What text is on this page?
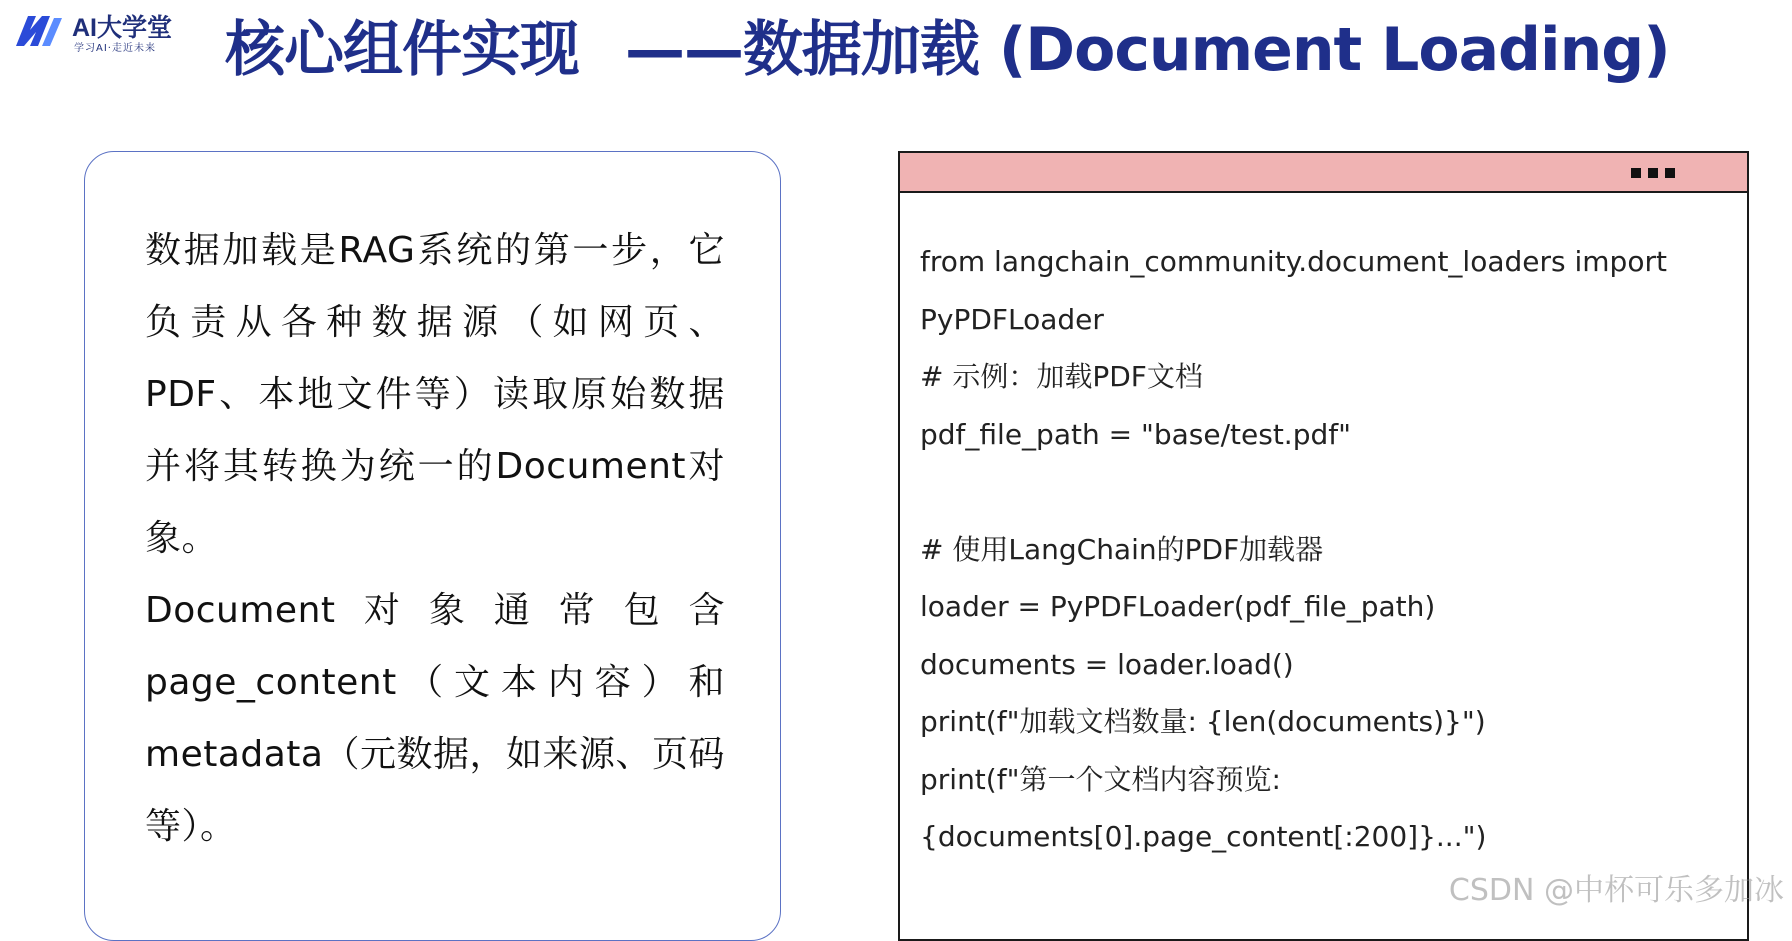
AI大学堂
学习AI·走近未来 核心组件实现 ——数据加载 (Document Loading)

数据加载是RAG系统的第一步，它负责从各种数据源（如网页、PDF、本地文件等）读取原始数据并将其转换为统一的Document对象。

Document对象通常包含page_content（文本内容）和metadata（元数据，如来源、页码等）。

from langchain_community.document_loaders import
PyPDFLoader
# 示例：加载PDF文档
pdf_file_path = "base/test.pdf"
# 使用LangChain的PDF加载器
loader = PyPDFLoader(pdf_file_path)
documents = loader.load()
print(f"加载文档数量: {len(documents)}")
print(f"第一个文档内容预览:
{documents[0].page_content[:200]}...")
CSDN @中杯可乐多加冰
